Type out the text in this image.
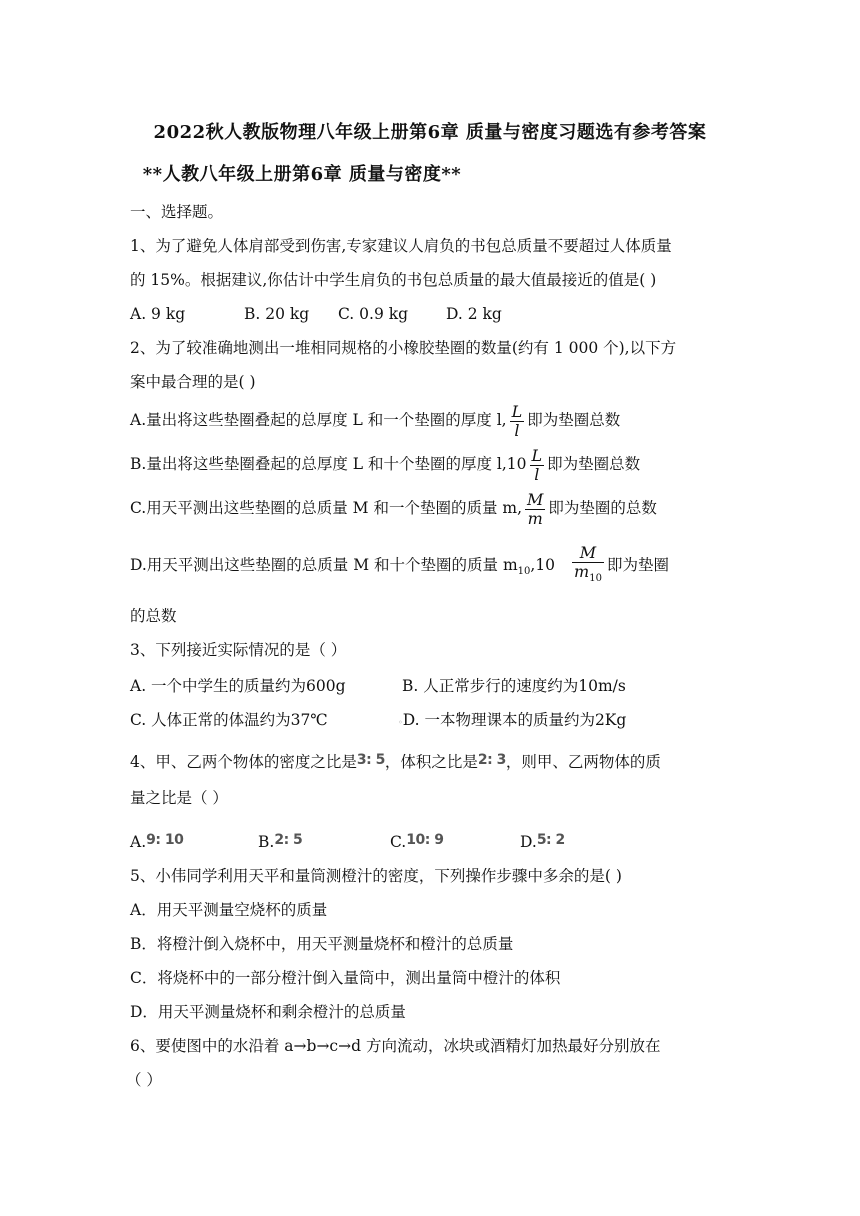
2022秋人教版物理八年级上册第6章 质量与密度习题选有参考答案
**人教八年级上册第6章 质量与密度**
一、选择题。
1、为了避免人体肩部受到伤害,专家建议人肩负的书包总质量不要超过人体质量
的 15%。根据建议,你估计中学生肩负的书包总质量的最大值最接近的值是( )
A. 9 kg	B. 20 kg C. 0.9 kg D. 2 kg
2、为了较准确地测出一堆相同规格的小橡胶垫圈的数量(约有 1 000 个),以下方
案中最合理的是( )
A.量出将这些垫圈叠起的总厚度 L 和一个垫圈的厚度 l, $\frac{L}{l}$ 即为垫圈总数
B.量出将这些垫圈叠起的总厚度 L 和十个垫圈的厚度 $l,10 \frac{L}{l}$ 即为垫圈总数
C.用天平测出这些垫圈的总质量 M 和一个垫圈的质量 m, $\frac{M}{m}$ 即为垫圈的总数
D.用天平测出这些垫圈的总质量 M 和十个垫圈的质量 $m_{10},10 \frac{M}{m_{10}}$ 即为垫圈
的总数
3、下列接近实际情况的是（ ）
A. 一个中学生的质量约为600g	B. 人正常步行的速度约为10m/s
C. 人体正常的体温约为37℃	◦D. 一本物理课本的质量约为2Kg
4、甲、乙两个物体的密度之比是3: 5，体积之比是2: 3，则甲、乙两物体的质
量之比是（ ）
A.9: 10	B.2: 5	C.10: 9	D.5: 2
5、小伟同学利用天平和量筒测橙汁的密度，下列操作步骤中多余的是( )
A．用天平测量空烧杯的质量
B．将橙汁倒入烧杯中，用天平测量烧杯和橙汁的总质量
C．将烧杯中的一部分橙汁倒入量筒中，测出量筒中橙汁的体积
D．用天平测量烧杯和剩余橙汁的总质量
6、要使图中的水沿着 a→b→c→d 方向流动，冰块或酒精灯加热最好分别放在
（ ）
